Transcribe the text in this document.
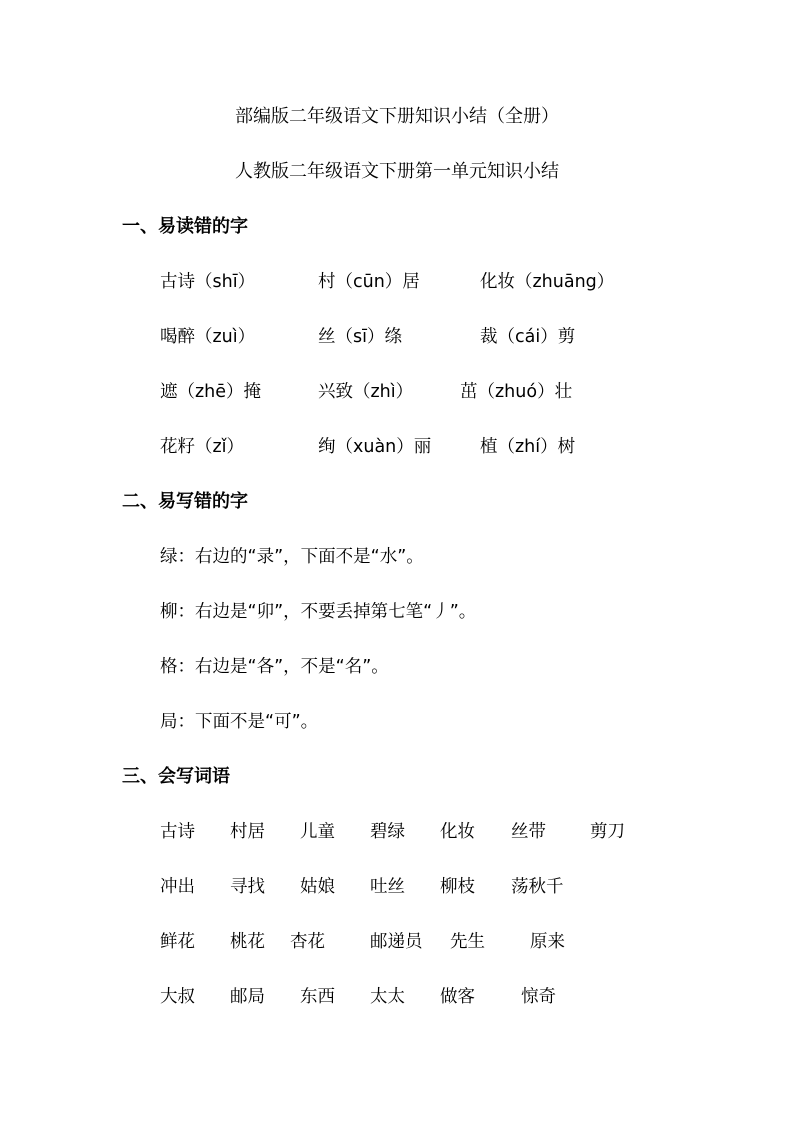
部编版二年级语文下册知识小结（全册）
人教版二年级语文下册第一单元知识小结
一、易读错的字
古诗（shī）	村（cūn）居	化妆（zhuāng）
喝醉（zuì）	丝（sī）绦	裁（cái）剪
遮（zhē）掩	兴致（zhì）	茁（zhuó）壮
花籽（zǐ）	绚（xuàn）丽	植（zhí）树
二、易写错的字
绿：右边的“录”，下面不是“水”。
柳：右边是“卯”，不要丢掉第七笔“丿”。
格：右边是“各”，不是“名”。
局：下面不是“可”。
三、会写词语
古诗 村居 儿童 碧绿 化妆 丝带	剪刀
冲出 寻找 姑娘 吐丝 柳枝 荡秋千
鲜花 桃花 杏花	邮递员 先生	原来
大叔 邮局 东西 太太 做客	惊奇
